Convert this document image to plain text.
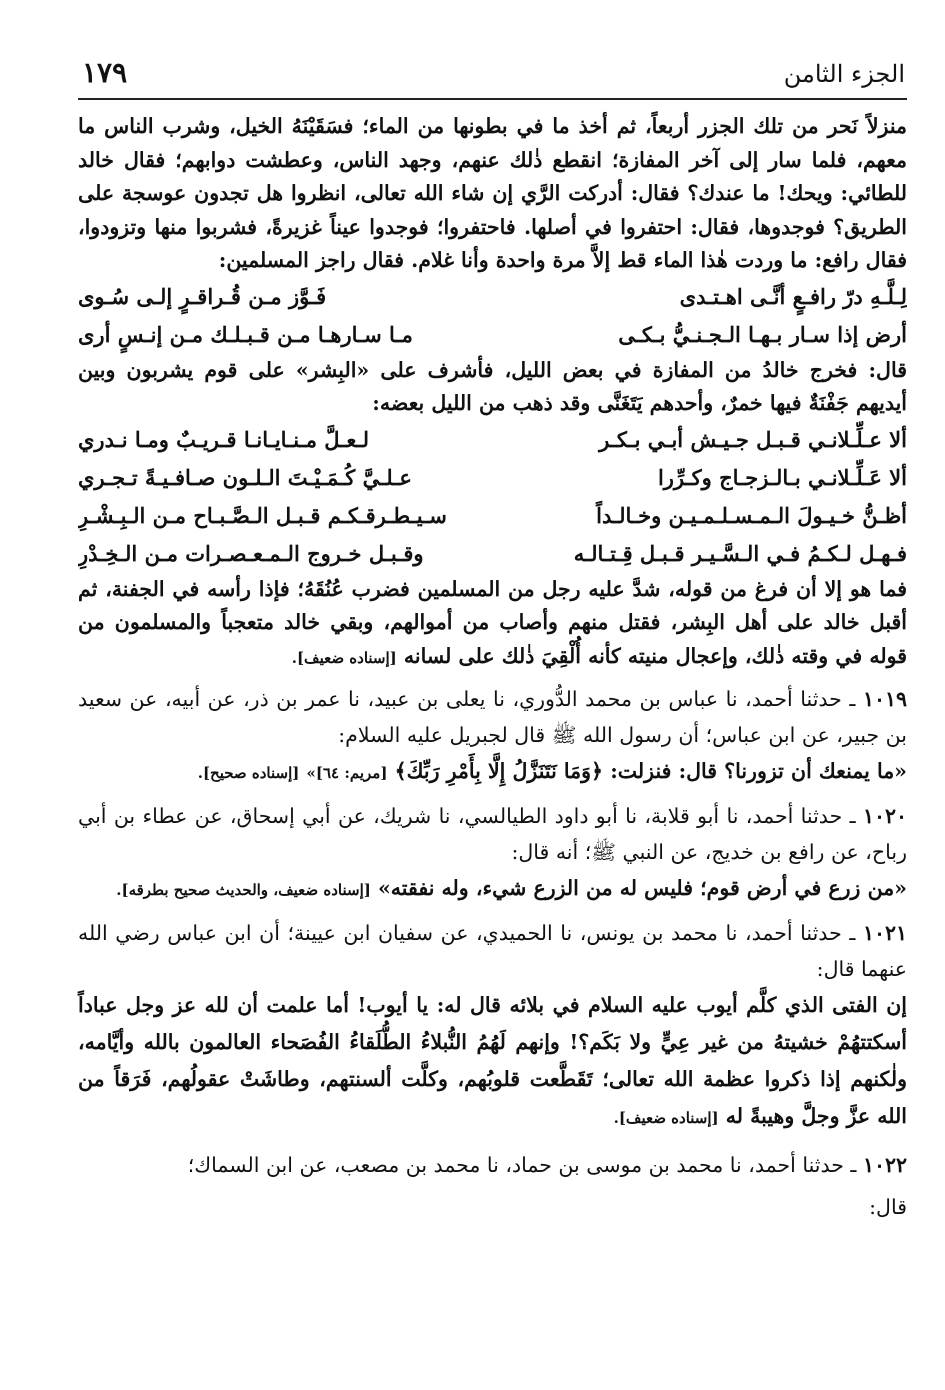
الجزء الثامن
١٧٩

منزلاً نَحر من تلك الجزر أربعاً، ثم أخذ ما في بطونها من الماء؛ فسَقَيْنَهُ الخيل، وشرب الناس ما معهم، فلما سار إلى آخر المفازة؛ انقطع ذٰلك عنهم، وجهد الناس، وعطشت دوابهم؛ فقال خالد للطائي: ويحك! ما عندك؟ فقال: أدركت الرَّي إن شاء الله تعالى، انظروا هل تجدون عوسجة على الطريق؟ فوجدوها، فقال: احتفروا في أصلها. فاحتفروا؛ فوجدوا عيناً غزيرةً، فشربوا منها وتزودوا، فقال رافع: ما وردت هٰذا الماء قط إلاَّ مرة واحدة وأنا غلام. فقال راجز المسلمين:

لِـلَّـهِ درّ رافـعٍ أنَّـى اهـتـدى
فَـوَّز مـن قُـراقـرٍ إلـى سُـوى
أرض إذا سـار بـهـا الـجـنـيُّ بـكـى
مـا سـارهـا مـن قـبـلـك مـن إنـسٍ أرى

قال: فخرج خالدُ من المفازة في بعض الليل، فأشرف على «البِشر» على قوم يشربون وبين أيديهم جَفْنَةٌ فيها خمرٌ، وأحدهم يَتَغَنَّى وقد ذهب من الليل بعضه:

ألا عـلِّـلانـي قـبـل جـيـش أبـي بـكـر
لـعـلَّ مـنـايـانـا قـريـبٌ ومـا نـدري
ألا عَـلِّـلانـي بـالـزجـاج وكـرِّرا
عـلـيَّ كُـمَـيْـتَ الـلـون صـافـيـةً تـجـري
أظـنُّ خـيـولَ الـمـسـلـمـيـن وخـالـداً
سـيـطـرقـكـم قـبـل الـصَّـبـاح مـن الـبِـشْـرِ
فـهـل لـكـمُ فـي الـسَّـيـر قـبـل قِـتـالـه
وقـبـل خـروج الـمـعـصـرات مـن الـخِـدْرِ

فما هو إلا أن فرغ من قوله، شدَّ عليه رجل من المسلمين فضرب عُنُقَهُ؛ فإذا رأسه في الجفنة، ثم أقبل خالد على أهل البِشر، فقتل منهم وأصاب من أموالهم، وبقي خالد متعجباً والمسلمون من قوله في وقته ذٰلك، وإعجال منيته كأنه أُلْقِيَ ذٰلك على لسانه [إسناده ضعيف].

١٠١٩ ـ حدثنا أحمد، نا عباس بن محمد الدُّوري، نا يعلى بن عبيد، نا عمر بن ذر، عن أبيه، عن سعيد بن جبير، عن ابن عباس؛ أن رسول الله ﷺ قال لجبريل عليه السلام:

«ما يمنعك أن تزورنا؟ قال: فنزلت: ﴿وَمَا نَتَنَزَّلُ إِلَّا بِأَمْرِ رَبِّكَ﴾ [مريم: ٦٤]» [إسناده صحيح].

١٠٢٠ ـ حدثنا أحمد، نا أبو قلابة، نا أبو داود الطيالسي، نا شريك، عن أبي إسحاق، عن عطاء بن أبي رباح، عن رافع بن خديج، عن النبي ﷺ؛ أنه قال:

«من زرع في أرض قوم؛ فليس له من الزرع شيء، وله نفقته» [إسناده ضعيف، والحديث صحيح بطرقه].

١٠٢١ ـ حدثنا أحمد، نا محمد بن يونس، نا الحميدي، عن سفيان ابن عيينة؛ أن ابن عباس رضي الله عنهما قال:

إن الفتى الذي كلَّم أيوب عليه السلام في بلائه قال له: يا أيوب! أما علمت أن لله عز وجل عباداً أسكتتهُمْ خشيتهُ من غير عِيٍّ ولا بَكَم؟! وإنهم لَهُمُ النُّبلاءُ الطُّلَقاءُ الفُصَحاء العالمون بالله وأيَّامه، ولٰكنهم إذا ذكروا عظمة الله تعالى؛ تَقَطَّعت قلوبُهم، وكلَّت ألسنتهم، وطاشَتْ عقولُهم، فَرَقاً من الله عزَّ وجلَّ وهيبةً له [إسناده ضعيف].

١٠٢٢ ـ حدثنا أحمد، نا محمد بن موسى بن حماد، نا محمد بن مصعب، عن ابن السماك؛

قال:
